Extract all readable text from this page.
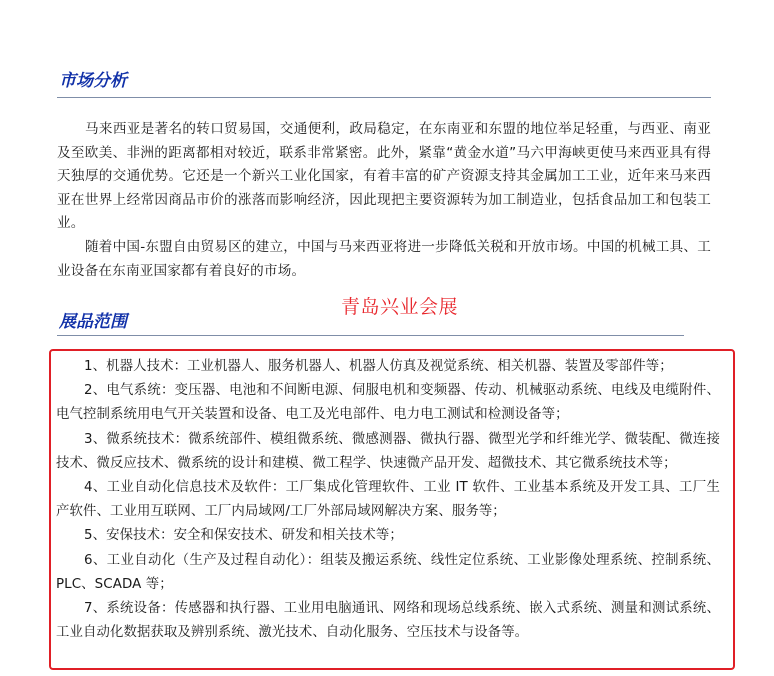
市场分析

马来西亚是著名的转口贸易国，交通便利，政局稳定，在东南亚和东盟的地位举足轻重，与西亚、南亚及至欧美、非洲的距离都相对较近，联系非常紧密。此外，紧靠“黄金水道”马六甲海峡更使马来西亚具有得天独厚的交通优势。它还是一个新兴工业化国家，有着丰富的矿产资源支持其金属加工工业，近年来马来西亚在世界上经常因商品市价的涨落而影响经济，因此现把主要资源转为加工制造业，包括食品加工和包装工业。

随着中国-东盟自由贸易区的建立，中国与马来西亚将进一步降低关税和开放市场。中国的机械工具、工业设备在东南亚国家都有着良好的市场。

青岛兴业会展
展品范围

1、机器人技术：工业机器人、服务机器人、机器人仿真及视觉系统、相关机器、装置及零部件等；

2、电气系统：变压器、电池和不间断电源、伺服电机和变频器、传动、机械驱动系统、电线及电缆附件、电气控制系统用电气开关装置和设备、电工及光电部件、电力电工测试和检测设备等；

3、微系统技术：微系统部件、模组微系统、微感测器、微执行器、微型光学和纤维光学、微装配、微连接技术、微反应技术、微系统的设计和建模、微工程学、快速微产品开发、超微技术、其它微系统技术等；

4、工业自动化信息技术及软件：工厂集成化管理软件、工业 IT 软件、工业基本系统及开发工具、工厂生产软件、工业用互联网、工厂内局域网/工厂外部局域网解决方案、服务等；

5、安保技术：安全和保安技术、研发和相关技术等；

6、工业自动化（生产及过程自动化）：组装及搬运系统、线性定位系统、工业影像处理系统、控制系统、PLC、SCADA 等；

7、系统设备：传感器和执行器、工业用电脑通讯、网络和现场总线系统、嵌入式系统、测量和测试系统、工业自动化数据获取及辨别系统、激光技术、自动化服务、空压技术与设备等。
